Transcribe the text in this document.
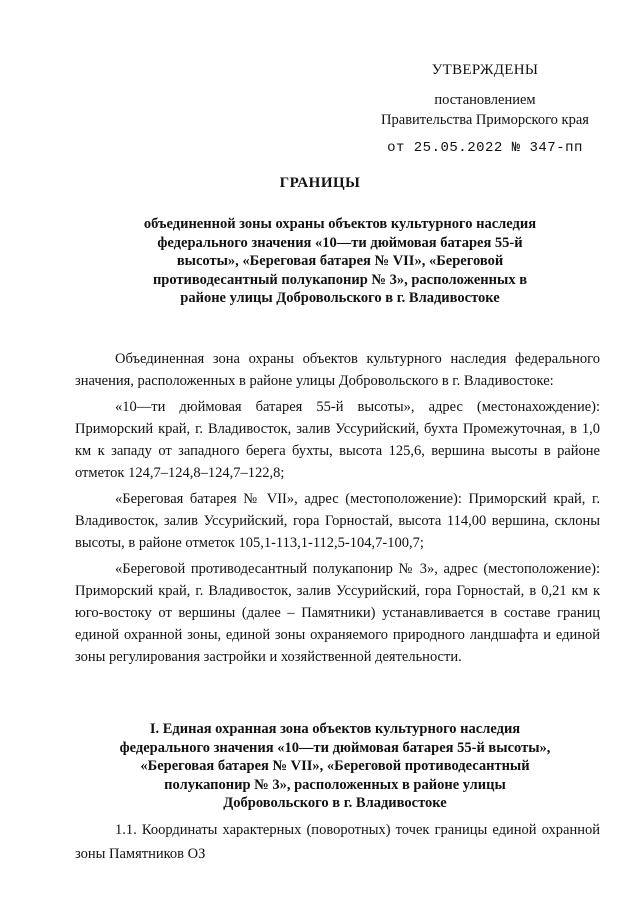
УТВЕРЖДЕНЫ
постановлением
Правительства Приморского края
от 25.05.2022 № 347-пп
ГРАНИЦЫ
объединенной зоны охраны объектов культурного наследия федерального значения «10—ти дюймовая батарея 55-й высоты», «Береговая батарея № VII», «Береговой противодесантный полукапонир № 3», расположенных в районе улицы Добровольского в г. Владивостоке

Объединенная зона охраны объектов культурного наследия федерального значения, расположенных в районе улицы Добровольского в г. Владивостоке:

«10—ти дюймовая батарея 55-й высоты», адрес (местонахождение): Приморский край, г. Владивосток, залив Уссурийский, бухта Промежуточная, в 1,0 км к западу от западного берега бухты, высота 125,6, вершина высоты в районе отметок 124,7–124,8–124,7–122,8;

«Береговая батарея № VII», адрес (местоположение): Приморский край, г. Владивосток, залив Уссурийский, гора Горностай, высота 114,00 вершина, склоны высоты, в районе отметок 105,1-113,1-112,5-104,7-100,7;

«Береговой противодесантный полукапонир № 3», адрес (местоположение): Приморский край, г. Владивосток, залив Уссурийский, гора Горностай, в 0,21 км к юго-востоку от вершины (далее – Памятники) устанавливается в составе границ единой охранной зоны, единой зоны охраняемого природного ландшафта и единой зоны регулирования застройки и хозяйственной деятельности.

I. Единая охранная зона объектов культурного наследия федерального значения «10—ти дюймовая батарея 55-й высоты», «Береговая батарея № VII», «Береговой противодесантный полукапонир № 3», расположенных в районе улицы Добровольского в г. Владивостоке

1.1. Координаты характерных (поворотных) точек границы единой охранной зоны Памятников ОЗ
